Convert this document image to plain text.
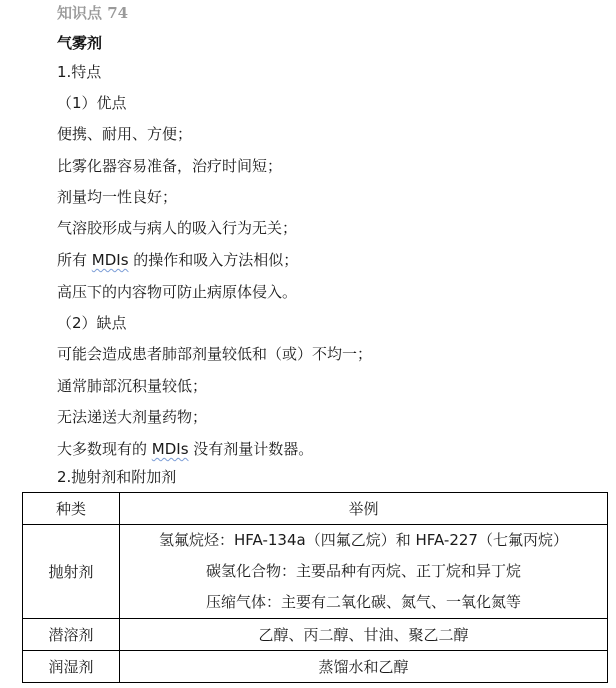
知识点 74
气雾剂
1.特点
（1）优点
便携、耐用、方便；
比雾化器容易准备，治疗时间短；
剂量均一性良好；
气溶胶形成与病人的吸入行为无关；
所有 MDIs 的操作和吸入方法相似；
高压下的内容物可防止病原体侵入。
（2）缺点
可能会造成患者肺部剂量较低和（或）不均一；
通常肺部沉积量较低；
无法递送大剂量药物；
大多数现有的 MDIs 没有剂量计数器。
2.抛射剂和附加剂
种类	举例
抛射剂	氢氟烷烃：HFA-134a（四氟乙烷）和 HFA-227（七氟丙烷）
碳氢化合物：主要品种有丙烷、正丁烷和异丁烷
压缩气体：主要有二氧化碳、氮气、一氧化氮等

潜溶剂	乙醇、丙二醇、甘油、聚乙二醇
润湿剂	蒸馏水和乙醇
